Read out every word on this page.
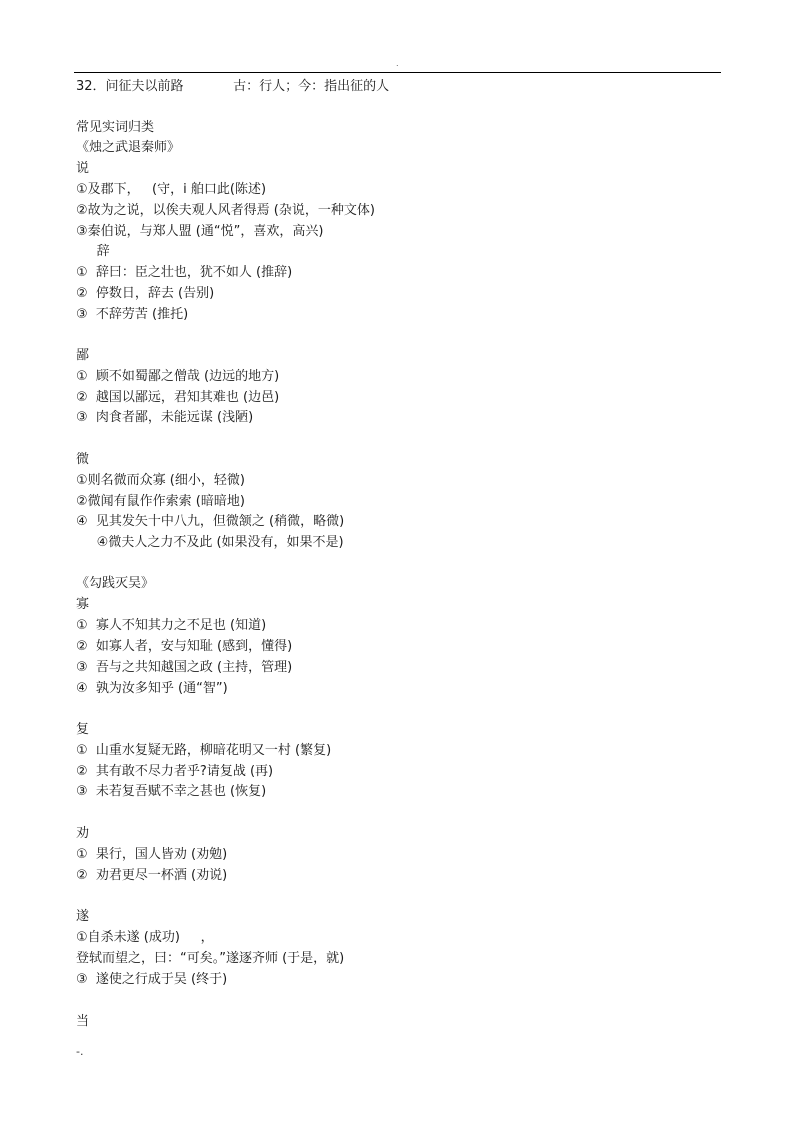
.
32．问征夫以前路            古：行人；今：指出征的人
常见实词归类
《烛之武退秦师》
说
①及郡下，   (守，i 舶口此(陈述)
②故为之说，以俟夫观人风者得焉 (杂说，一种文体)
③秦伯说，与郑人盟 (通“悦”，喜欢，高兴)
辞
①  辞曰：臣之壮也，犹不如人 (推辞)
②  停数日，辞去 (告别)
③  不辞劳苦 (推托)
鄙
①  顾不如蜀鄙之僧哉 (边远的地方)
②  越国以鄙远，君知其难也 (边邑)
③  肉食者鄙，未能远谋 (浅陋)
微
①则名微而众寡 (细小，轻微)
②微闻有鼠作作索索 (暗暗地)
④  见其发矢十中八九，但微颔之 (稍微，略微)
④微夫人之力不及此 (如果没有，如果不是)
《勾践灭吴》
寡
①  寡人不知其力之不足也 (知道)
②  如寡人者，安与知耻 (感到，懂得)
③  吾与之共知越国之政 (主持，管理)
④  孰为汝多知乎 (通“智”)
复
①  山重水复疑无路，柳暗花明又一村 (繁复)
②  其有敢不尽力者乎?请复战 (再)
③  未若复吾赋不幸之甚也 (恢复)
劝
①  果行，国人皆劝 (劝勉)
②  劝君更尽一杯酒 (劝说)
遂
①自杀未遂 (成功)     ，
登轼而望之，曰：“可矣。”遂逐齐师 (于是，就)
③  遂使之行成于吴 (终于)
当
-.
